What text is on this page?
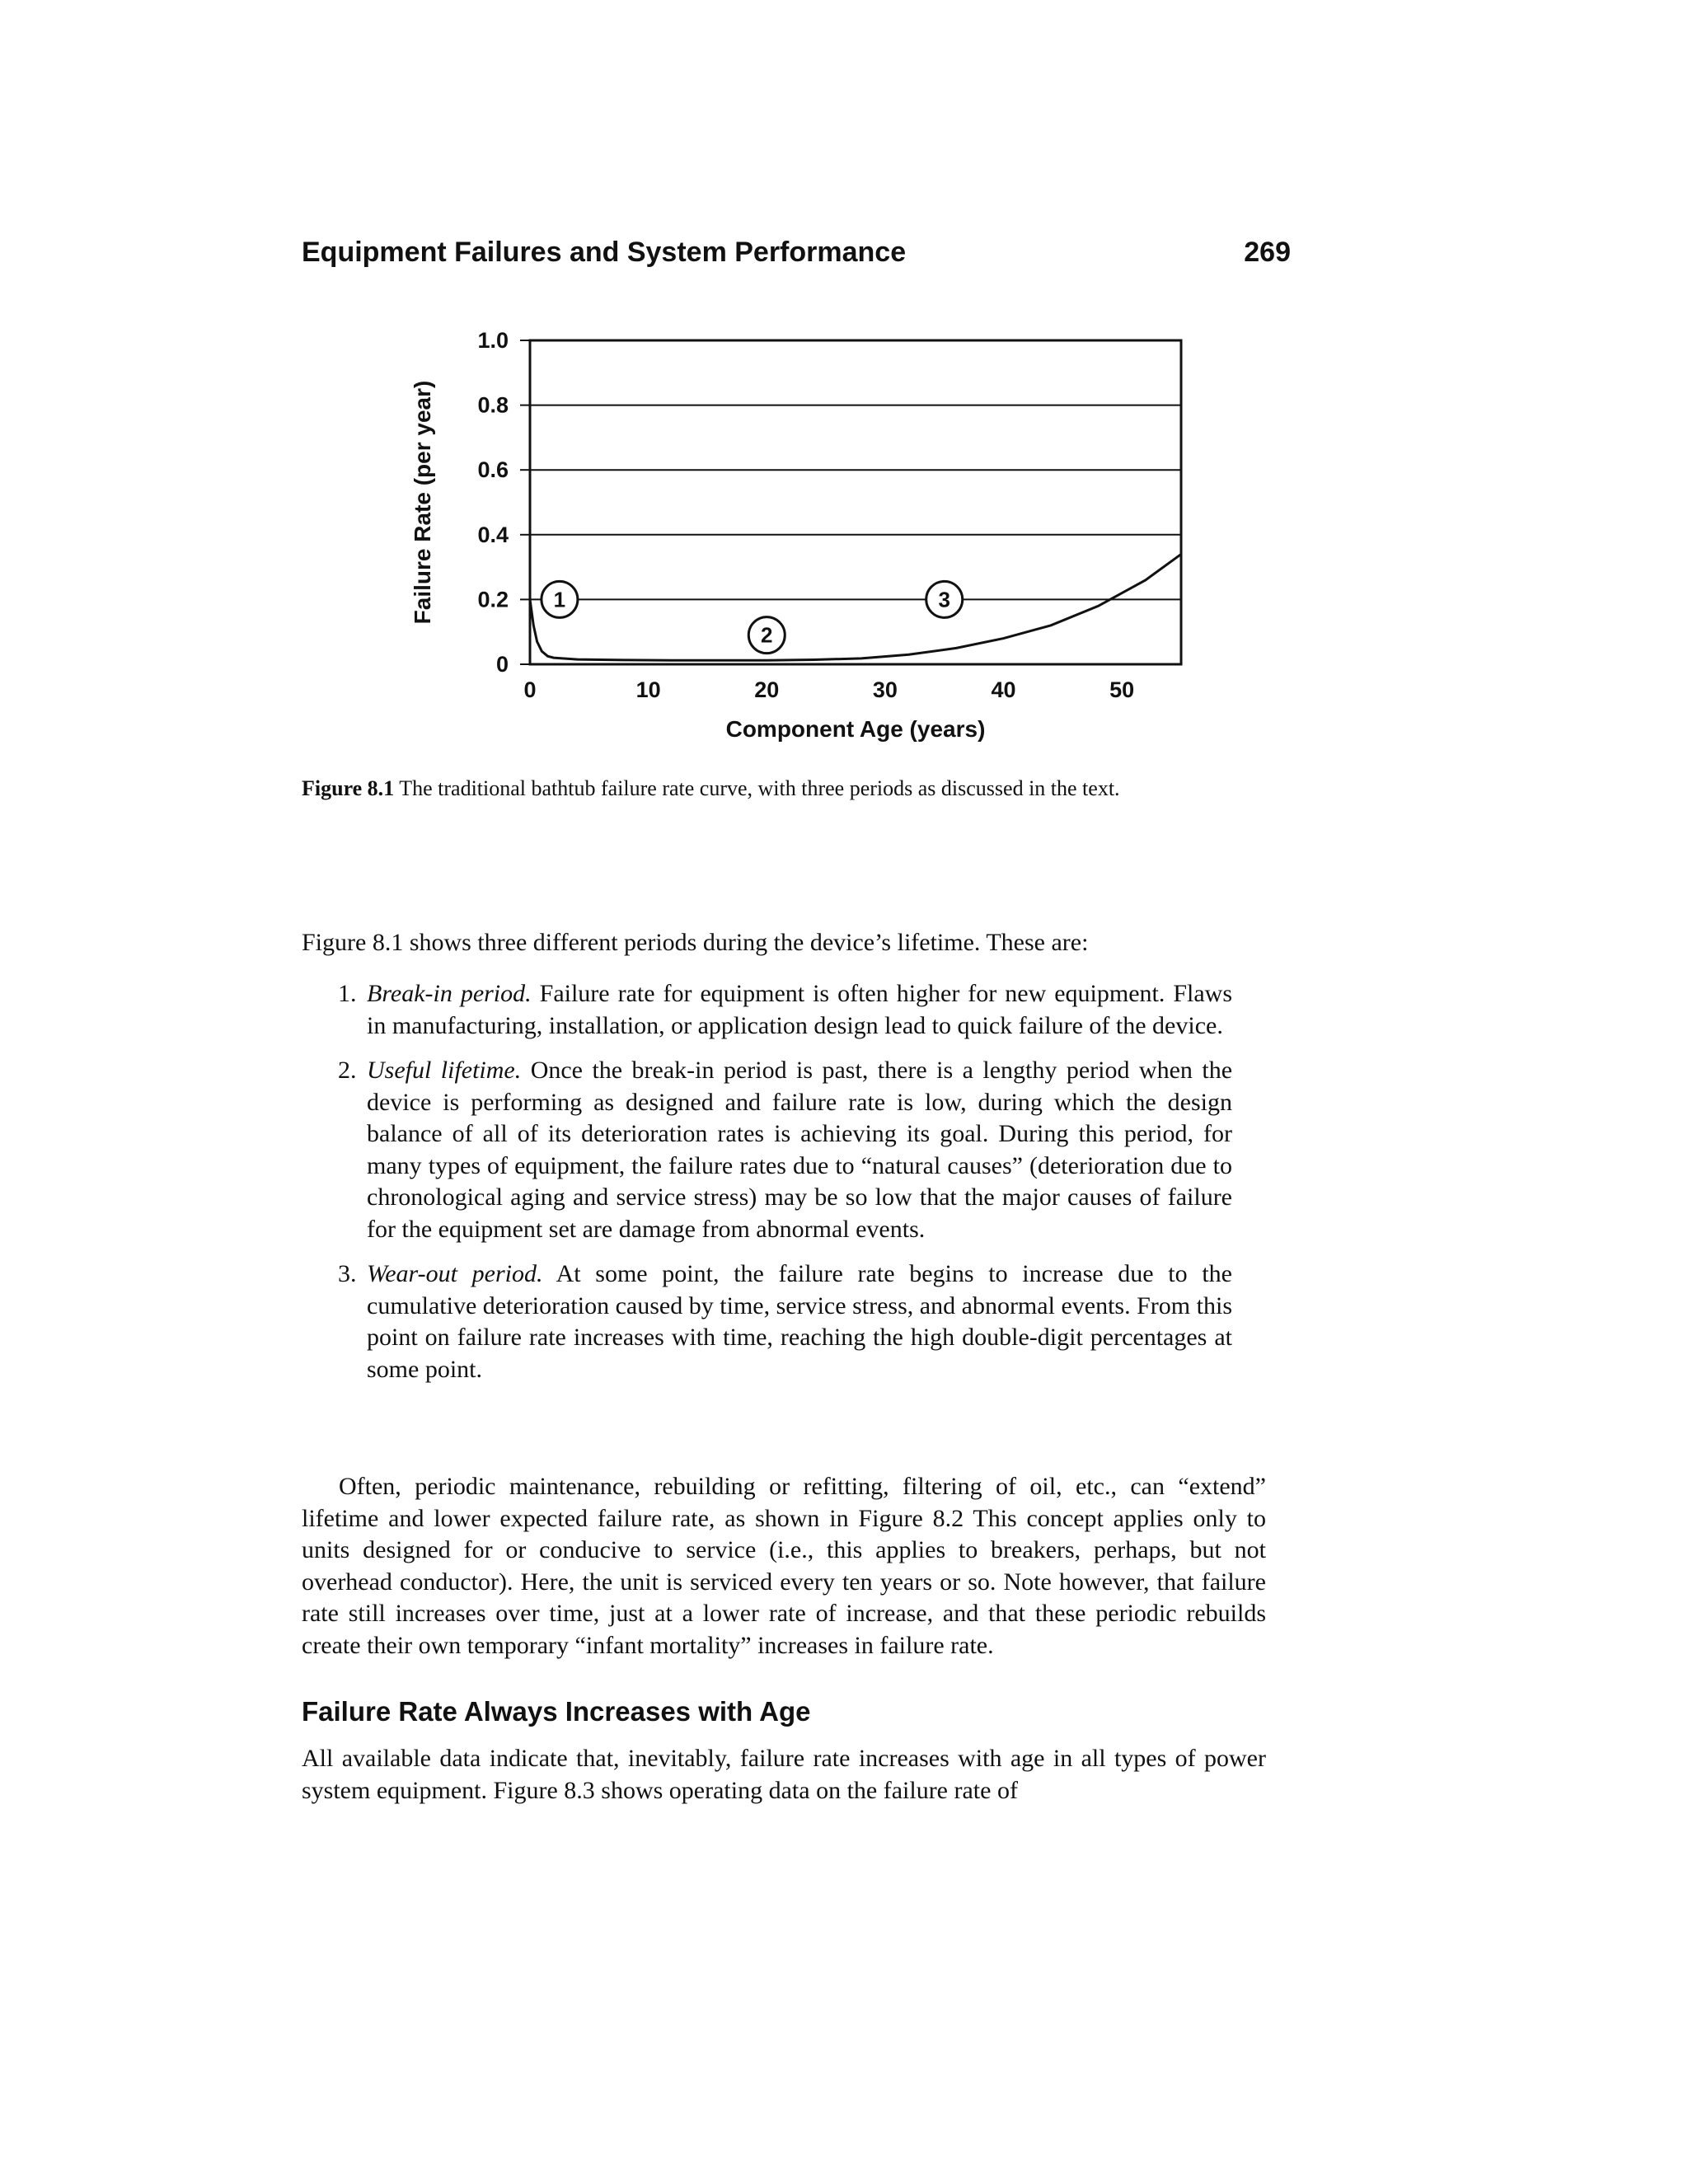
Equipment Failures and System Performance	269
0
0.2
0.4
0.6
0.8
1.0
0	10	20	30	40	50
1
2
3
Component Age (years)
Failure Rate (per year)
Figure 8.1 The traditional bathtub failure rate curve, with three periods as discussed in the text.

Figure 8.1 shows three different periods during the device’s lifetime. These are:

1. Break-in period. Failure rate for equipment is often higher for new equipment. Flaws in manufacturing, installation, or application design lead to quick failure of the device.
2. Useful lifetime. Once the break-in period is past, there is a lengthy period when the device is performing as designed and failure rate is low, during which the design balance of all of its deterioration rates is achieving its goal. During this period, for many types of equipment, the failure rates due to “natural causes” (deterioration due to chronological aging and service stress) may be so low that the major causes of failure for the equipment set are damage from abnormal events.
3. Wear-out period. At some point, the failure rate begins to increase due to the cumulative deterioration caused by time, service stress, and abnormal events. From this point on failure rate increases with time, reaching the high double-digit percentages at some point.

Often, periodic maintenance, rebuilding or refitting, filtering of oil, etc., can “extend” lifetime and lower expected failure rate, as shown in Figure 8.2 This concept applies only to units designed for or conducive to service (i.e., this applies to breakers, perhaps, but not overhead conductor). Here, the unit is serviced every ten years or so. Note however, that failure rate still increases over time, just at a lower rate of increase, and that these periodic rebuilds create their own temporary “infant mortality” increases in failure rate.

Failure Rate Always Increases with Age

All available data indicate that, inevitably, failure rate increases with age in all types of power system equipment. Figure 8.3 shows operating data on the failure rate of
